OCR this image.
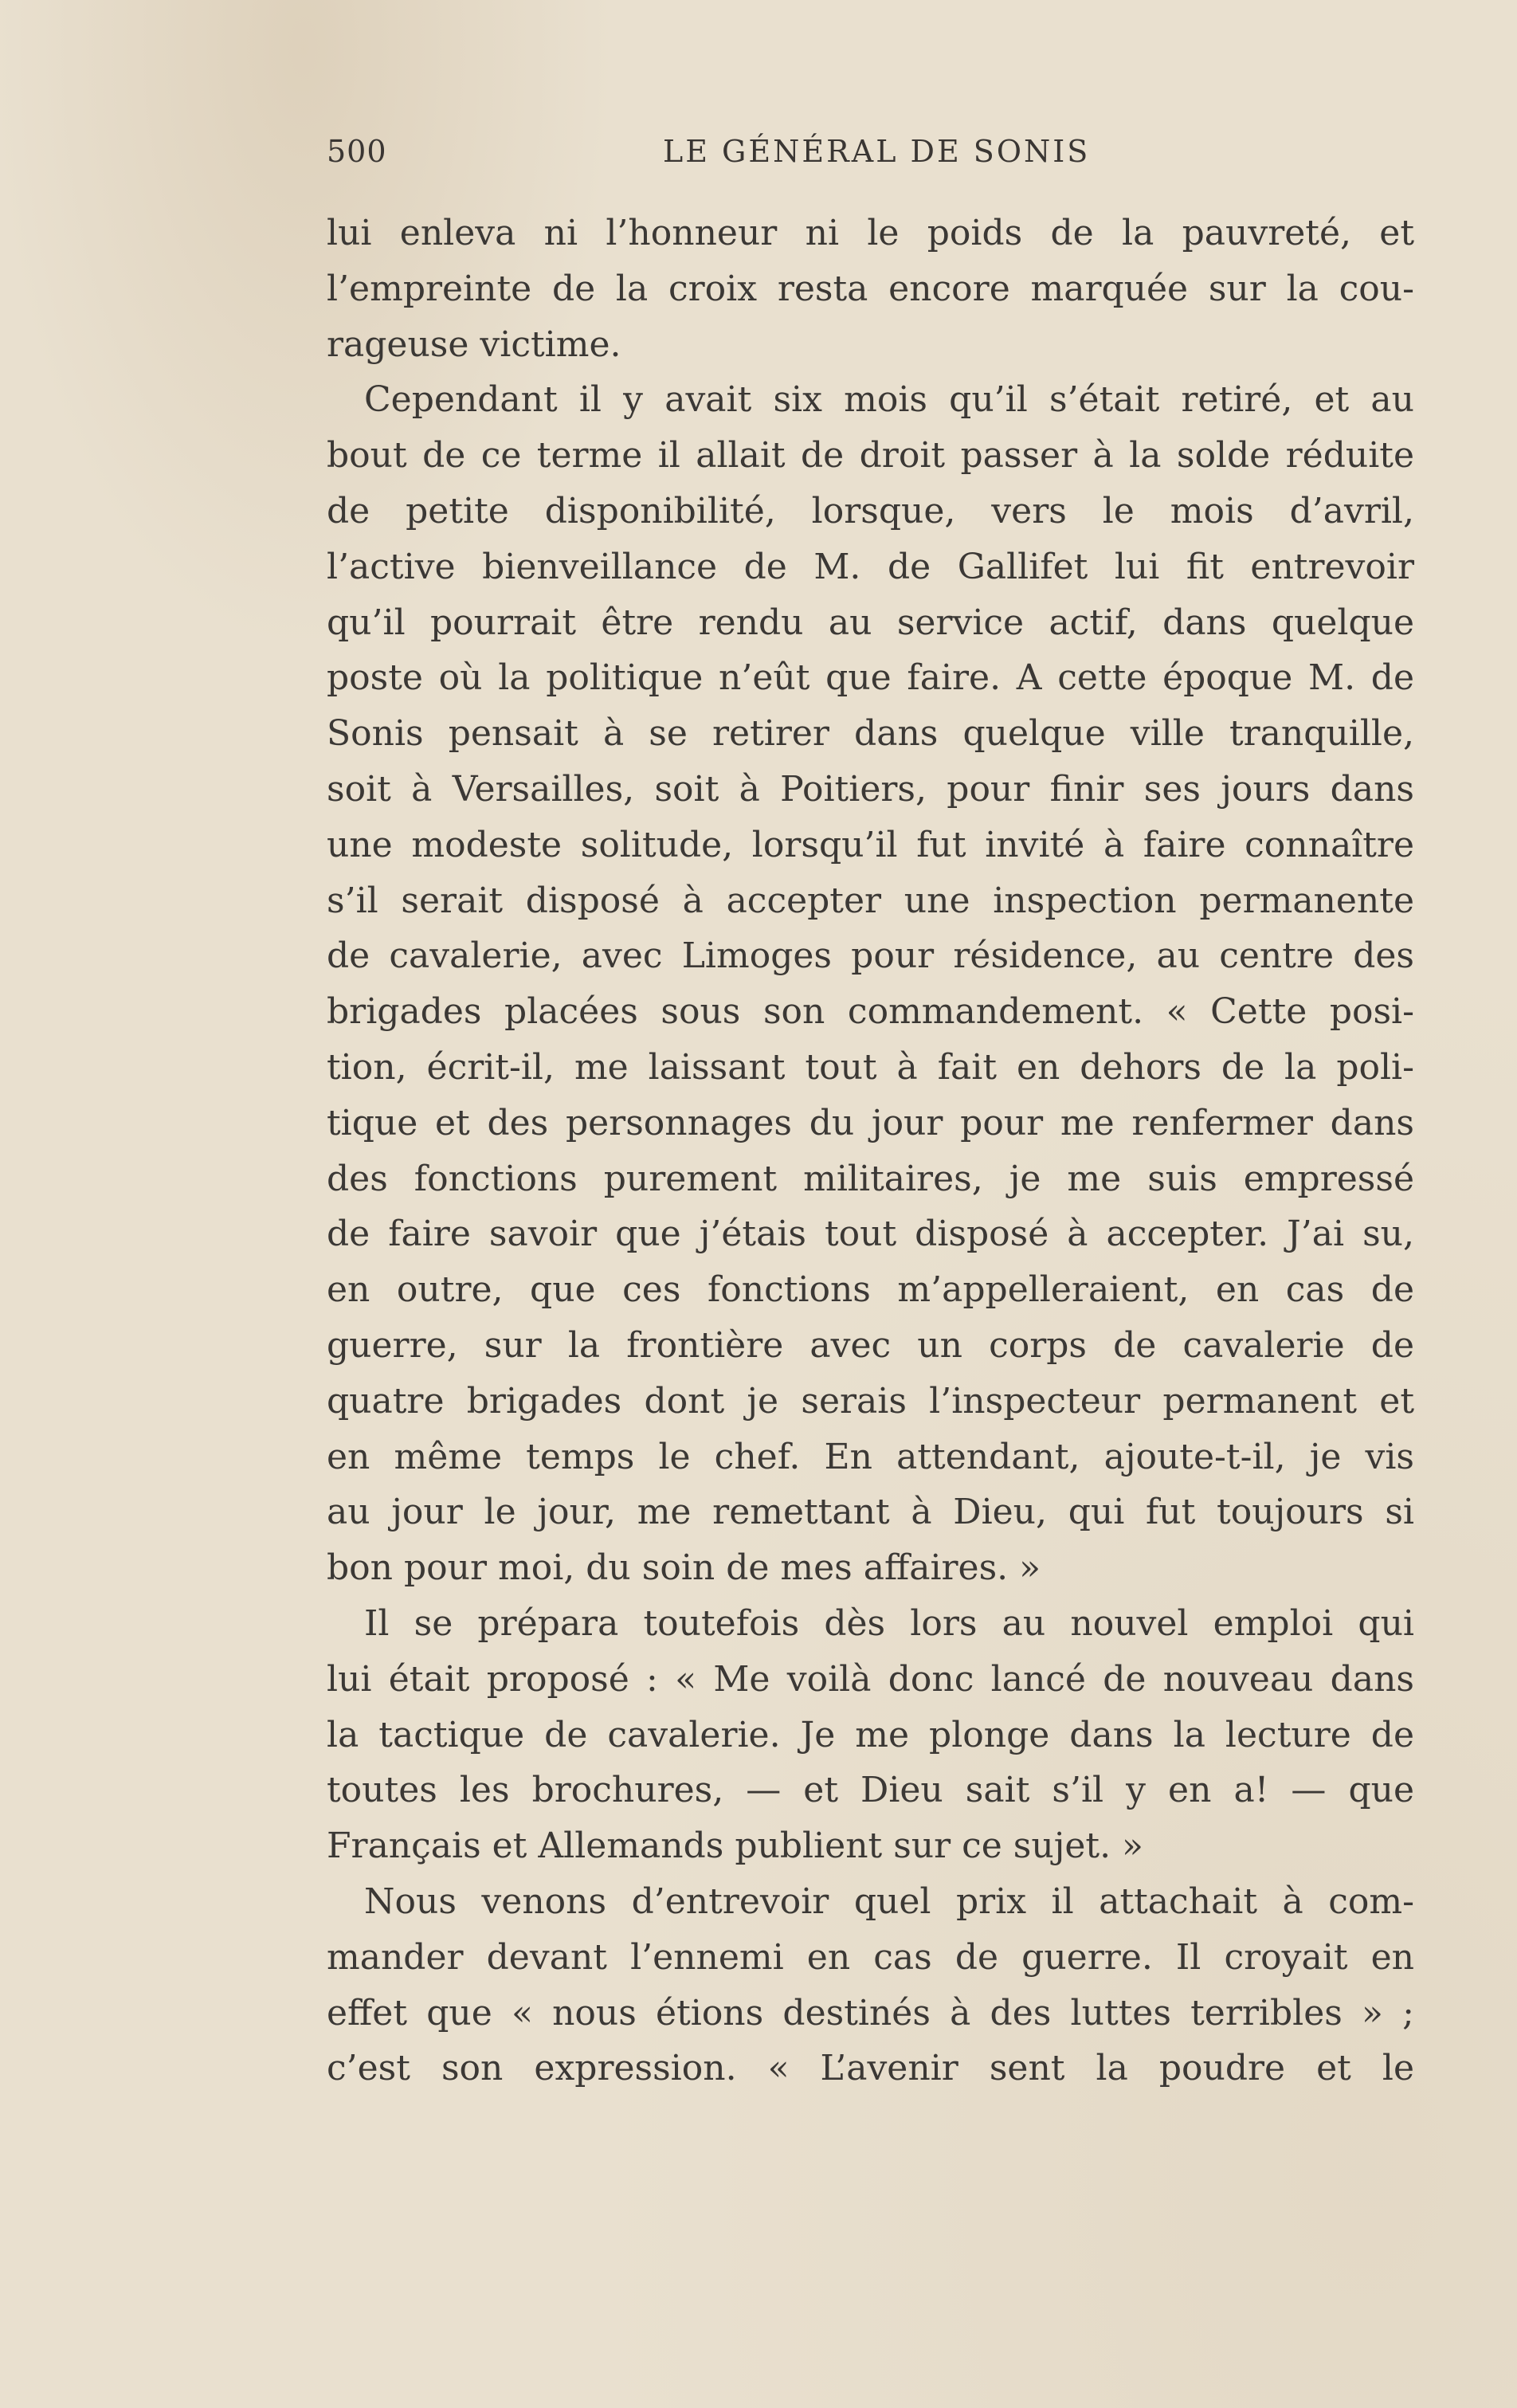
500	LE GÉNÉRAL DE SONIS
lui enleva ni l’honneur ni le poids de la pauvreté, et
l’empreinte de la croix resta encore marquée sur la cou-
rageuse victime.
Cependant il y avait six mois qu’il s’était retiré, et au
bout de ce terme il allait de droit passer à la solde réduite
de petite disponibilité, lorsque, vers le mois d’avril,
l’active bienveillance de M. de Gallifet lui fit entrevoir
qu’il pourrait être rendu au service actif, dans quelque
poste où la politique n’eût que faire. A cette époque M. de
Sonis pensait à se retirer dans quelque ville tranquille,
soit à Versailles, soit à Poitiers, pour finir ses jours dans
une modeste solitude, lorsqu’il fut invité à faire connaître
s’il serait disposé à accepter une inspection permanente
de cavalerie, avec Limoges pour résidence, au centre des
brigades placées sous son commandement. « Cette posi-
tion, écrit-il, me laissant tout à fait en dehors de la poli-
tique et des personnages du jour pour me renfermer dans
des fonctions purement militaires, je me suis empressé
de faire savoir que j’étais tout disposé à accepter. J’ai su,
en outre, que ces fonctions m’appelleraient, en cas de
guerre, sur la frontière avec un corps de cavalerie de
quatre brigades dont je serais l’inspecteur permanent et
en même temps le chef. En attendant, ajoute-t-il, je vis
au jour le jour, me remettant à Dieu, qui fut toujours si
bon pour moi, du soin de mes affaires. »
Il se prépara toutefois dès lors au nouvel emploi qui
lui était proposé : « Me voilà donc lancé de nouveau dans
la tactique de cavalerie. Je me plonge dans la lecture de
toutes les brochures, — et Dieu sait s’il y en a! — que
Français et Allemands publient sur ce sujet. »
Nous venons d’entrevoir quel prix il attachait à com-
mander devant l’ennemi en cas de guerre. Il croyait en
effet que « nous étions destinés à des luttes terribles » ;
c’est son expression. « L’avenir sent la poudre et le
